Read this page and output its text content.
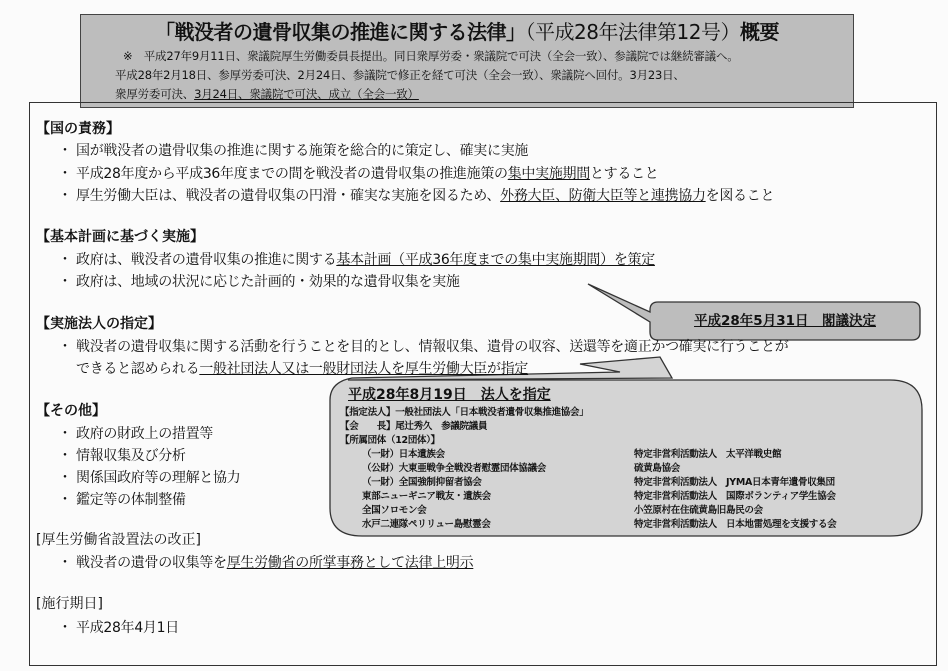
「戦没者の遺骨収集の推進に関する法律」（平成28年法律第12号）概要
※　平成27年9月11日、衆議院厚生労働委員長提出。同日衆厚労委・衆議院で可決（全会一致）、参議院では継続審議へ。
平成28年2月18日、参厚労委可決、2月24日、参議院で修正を経て可決（全会一致）、衆議院へ回付。3月23日、
衆厚労委可決、3月24日、衆議院で可決、成立（全会一致）
【国の責務】
・ 国が戦没者の遺骨収集の推進に関する施策を総合的に策定し、確実に実施
・ 平成28年度から平成36年度までの間を戦没者の遺骨収集の推進施策の集中実施期間とすること
・ 厚生労働大臣は、戦没者の遺骨収集の円滑・確実な実施を図るため、外務大臣、防衛大臣等と連携協力を図ること
【基本計画に基づく実施】
・ 政府は、戦没者の遺骨収集の推進に関する基本計画（平成36年度までの集中実施期間）を策定
・ 政府は、地域の状況に応じた計画的・効果的な遺骨収集を実施
平成28年5月31日　閣議決定
【実施法人の指定】
・ 戦没者の遺骨収集に関する活動を行うことを目的とし、情報収集、遺骨の収容、送還等を適正かつ確実に行うことが
できると認められる一般社団法人又は一般財団法人を厚生労働大臣が指定
平成28年8月19日　法人を指定
【指定法人】一般社団法人「日本戦没者遺骨収集推進協会」
【会　　長】尾辻秀久　参議院議員
【所属団体（12団体）】
（一財）日本遺族会
（公財）大東亜戦争全戦没者慰霊団体協議会
（一財）全国強制抑留者協会
東部ニューギニア戦友・遺族会
全国ソロモン会
水戸二連隊ペリリュー島慰霊会
特定非営利活動法人　太平洋戦史館
硫黄島協会
特定非営利活動法人　JYMA日本青年遺骨収集団
特定非営利活動法人　国際ボランティア学生協会
小笠原村在住硫黄島旧島民の会
特定非営利活動法人　日本地雷処理を支援する会
【その他】
・ 政府の財政上の措置等
・ 情報収集及び分析
・ 関係国政府等の理解と協力
・ 鑑定等の体制整備
[厚生労働省設置法の改正]
・ 戦没者の遺骨の収集等を厚生労働省の所掌事務として法律上明示
[施行期日]
・ 平成28年4月1日
